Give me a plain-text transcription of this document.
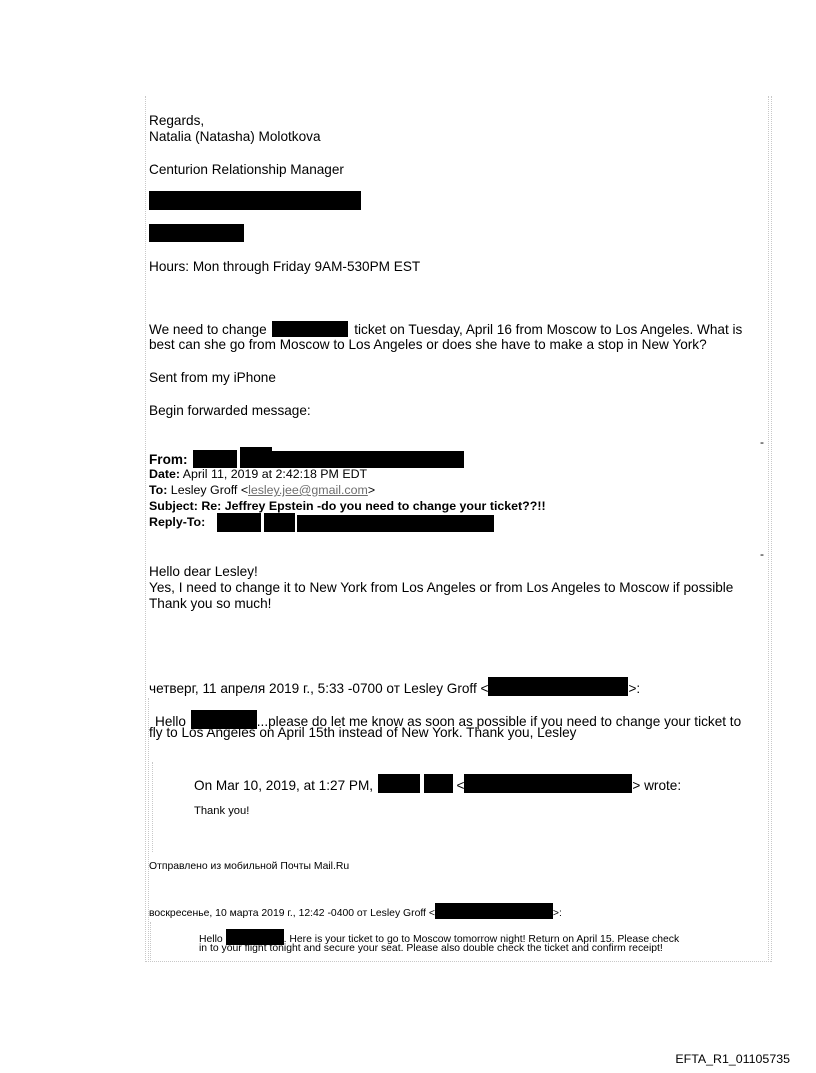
Regards,
Natalia (Natasha) Molotkova
Centurion Relationship Manager
Hours: Mon through Friday 9AM-530PM EST
We need to change	ticket on Tuesday, April 16 from Moscow to Los Angeles. What is
best can she go from Moscow to Los Angeles or does she have to make a stop in New York?
Sent from my iPhone
Begin forwarded message:
-
From:
Date: April 11, 2019 at 2:42:18 PM EDT
To: Lesley Groff <lesley.jee@gmail.com>
Subject: Re: Jeffrey Epstein -do you need to change your ticket??!!
Reply-To:
-
Hello dear Lesley!
Yes, I need to change it to New York from Los Angeles or from Los Angeles to Moscow if possible
Thank you so much!
четверг, 11 апреля 2019 г., 5:33 -0700 от Lesley Groff <	>:
Hello	...please do let me know as soon as possible if you need to change your ticket to
fly to Los Angeles on April 15th instead of New York. Thank you, Lesley
On Mar 10, 2019, at 1:27 PM,	<	> wrote:
Thank you!
Отправлено из мобильной Почты Mail.Ru
воскресенье, 10 марта 2019 г., 12:42 -0400 от Lesley Groff <	>:
Hello	. Here is your ticket to go to Moscow tomorrow night! Return on April 15. Please check
in to your flight tonight and secure your seat. Please also double check the ticket and confirm receipt!
EFTA_R1_01105735
